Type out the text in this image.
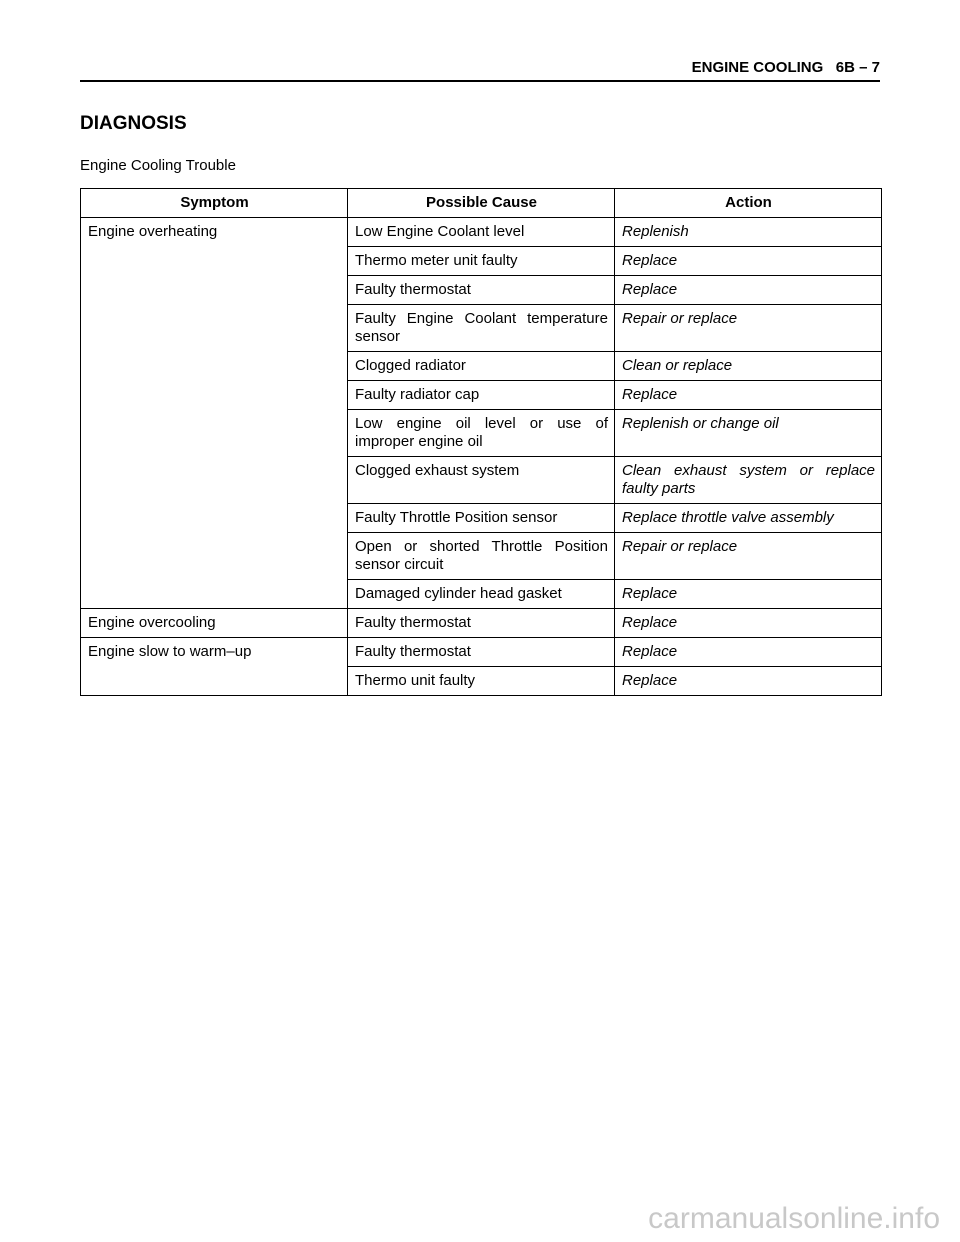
ENGINE COOLING   6B – 7
DIAGNOSIS
Engine Cooling Trouble
Symptom	Possible Cause	Action
Engine overheating	Low Engine Coolant level	Replenish
	Thermo meter unit faulty	Replace
	Faulty thermostat	Replace
	Faulty Engine Coolant temperature sensor	Repair or replace
	Clogged radiator	Clean or replace
	Faulty radiator cap	Replace
	Low engine oil level or use of improper engine oil	Replenish or change oil
	Clogged exhaust system	Clean exhaust system or replace faulty parts
	Faulty Throttle Position sensor	Replace throttle valve assembly
	Open or shorted Throttle Position sensor circuit	Repair or replace
	Damaged cylinder head gasket	Replace
Engine overcooling	Faulty thermostat	Replace
Engine slow to warm–up	Faulty thermostat	Replace
	Thermo unit faulty	Replace
carmanualsonline.info
